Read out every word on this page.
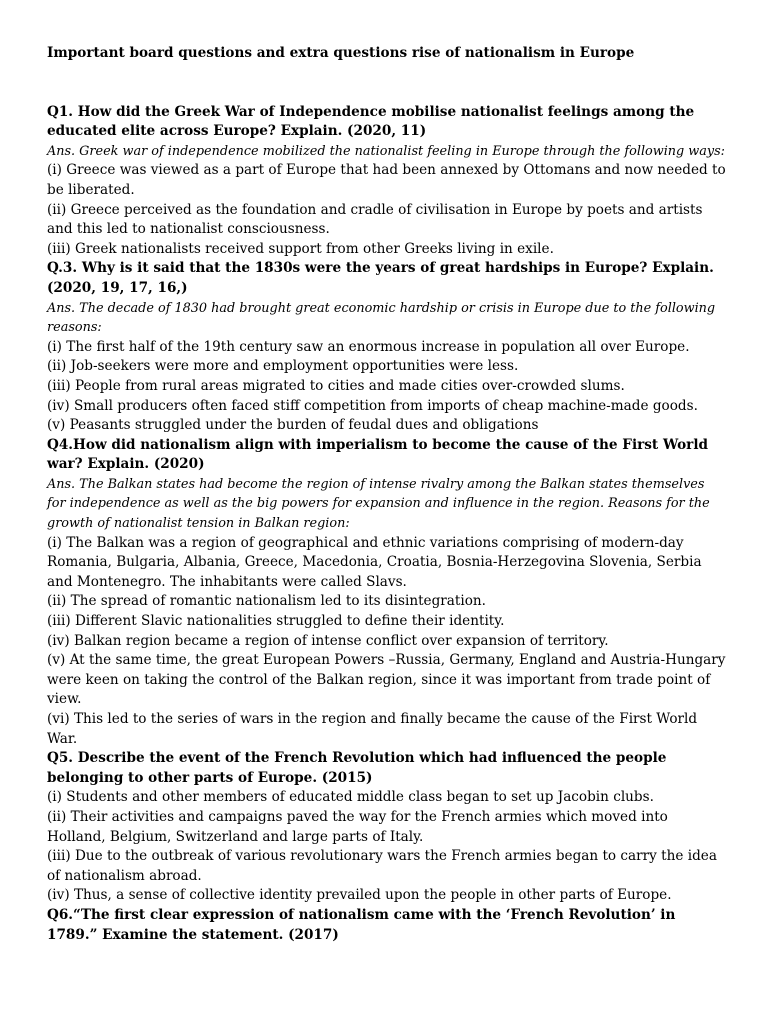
Important board questions and extra questions rise of nationalism in Europe

Q1. How did the Greek War of Independence mobilise nationalist feelings among the educated elite across Europe? Explain. (2020, 11)

Ans. Greek war of independence mobilized the nationalist feeling in Europe through the following ways:

(i) Greece was viewed as a part of Europe that had been annexed by Ottomans and now needed to be liberated.

(ii) Greece perceived as the foundation and cradle of civilisation in Europe by poets and artists and this led to nationalist consciousness.

(iii) Greek nationalists received support from other Greeks living in exile.

Q.3. Why is it said that the 1830s were the years of great hardships in Europe? Explain. (2020, 19, 17, 16,)

Ans. The decade of 1830 had brought great economic hardship or crisis in Europe due to the following reasons:

(i) The first half of the 19th century saw an enormous increase in population all over Europe.

(ii) Job-seekers were more and employment opportunities were less.

(iii) People from rural areas migrated to cities and made cities over-crowded slums.

(iv) Small producers often faced stiff competition from imports of cheap machine-made goods.

(v) Peasants struggled under the burden of feudal dues and obligations

Q4.How did nationalism align with imperialism to become the cause of the First World war? Explain. (2020)

Ans. The Balkan states had become the region of intense rivalry among the Balkan states themselves for independence as well as the big powers for expansion and influence in the region. Reasons for the growth of nationalist tension in Balkan region:

(i) The Balkan was a region of geographical and ethnic variations comprising of modern-day Romania, Bulgaria, Albania, Greece, Macedonia, Croatia, Bosnia-Herzegovina Slovenia, Serbia and Montenegro. The inhabitants were called Slavs.

(ii) The spread of romantic nationalism led to its disintegration.

(iii) Different Slavic nationalities struggled to define their identity.

(iv) Balkan region became a region of intense conflict over expansion of territory.

(v) At the same time, the great European Powers –Russia, Germany, England and Austria-Hungary were keen on taking the control of the Balkan region, since it was important from trade point of view.

(vi) This led to the series of wars in the region and finally became the cause of the First World War.

Q5. Describe the event of the French Revolution which had influenced the people belonging to other parts of Europe. (2015)

(i) Students and other members of educated middle class began to set up Jacobin clubs.

(ii) Their activities and campaigns paved the way for the French armies which moved into Holland, Belgium, Switzerland and large parts of Italy.

(iii) Due to the outbreak of various revolutionary wars the French armies began to carry the idea of nationalism abroad.

(iv) Thus, a sense of collective identity prevailed upon the people in other parts of Europe.

Q6.“The first clear expression of nationalism came with the ‘French Revolution’ in 1789.” Examine the statement. (2017)
